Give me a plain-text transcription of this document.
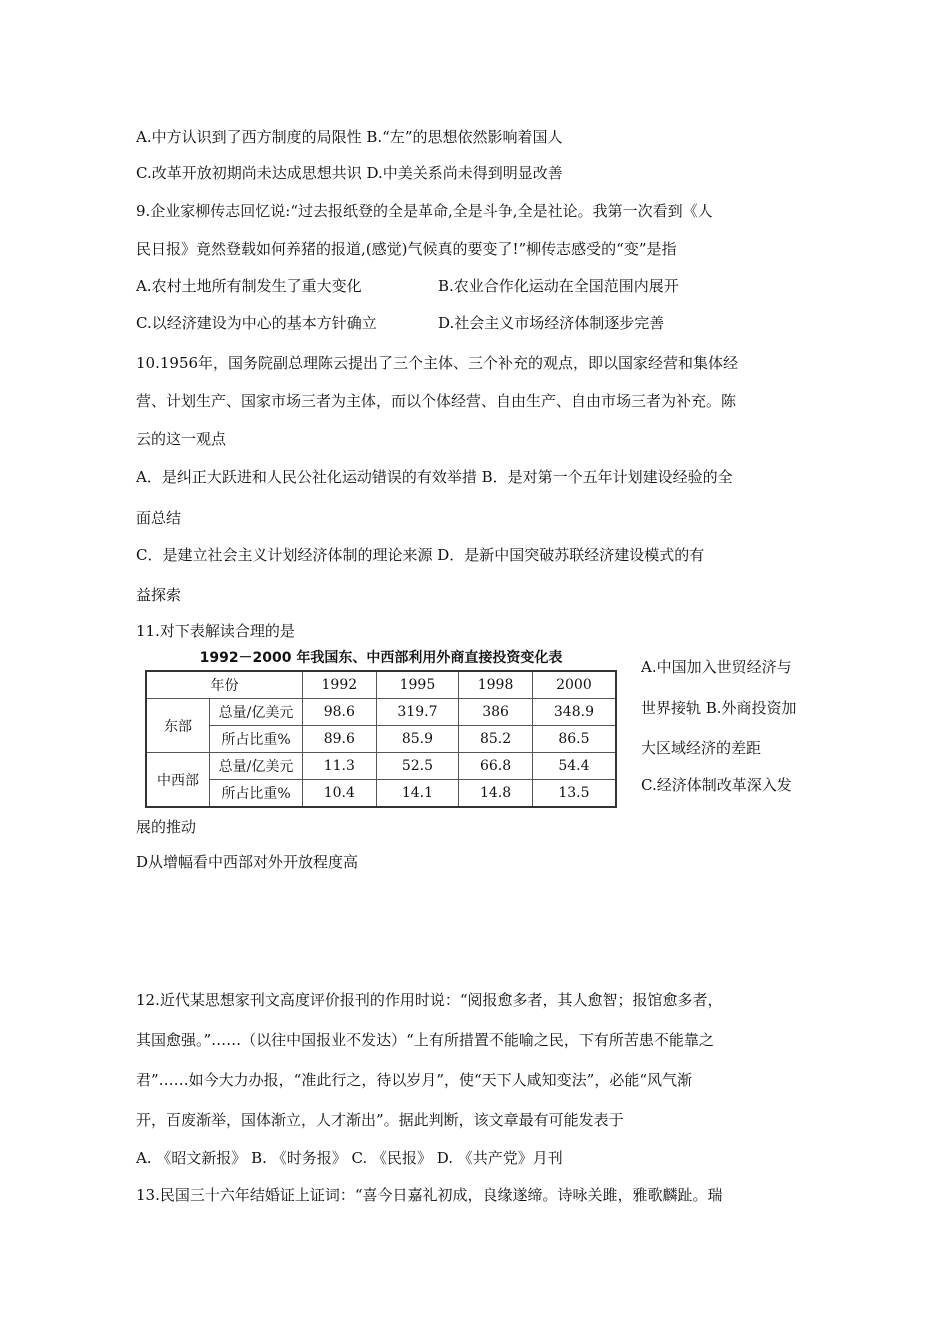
A.中方认识到了西方制度的局限性 B.“左”的思想依然影响着国人
C.改革开放初期尚未达成思想共识 D.中美关系尚未得到明显改善
9.企业家柳传志回忆说:“过去报纸登的全是革命,全是斗争,全是社论。我第一次看到《人
民日报》竟然登载如何养猪的报道,(感觉)气候真的要变了!”柳传志感受的“变”是指
A.农村土地所有制发生了重大变化	B.农业合作化运动在全国范围内展开
C.以经济建设为中心的基本方针确立	D.社会主义市场经济体制逐步完善
10.1956年，国务院副总理陈云提出了三个主体、三个补充的观点，即以国家经营和集体经
营、计划生产、国家市场三者为主体，而以个体经营、自由生产、自由市场三者为补充。陈
云的这一观点
A．是纠正大跃进和人民公社化运动错误的有效举措 B．是对第一个五年计划建设经验的全
面总结
C．是建立社会主义计划经济体制的理论来源 D．是新中国突破苏联经济建设模式的有
益探索
11.对下表解读合理的是
1992－2000 年我国东、中西部利用外商直接投资变化表
年份		1992	1995	1998	2000
东部	总量/亿美元	98.6	319.7	386	348.9
	所占比重%	89.6	85.9	85.2	86.5
中西部	总量/亿美元	11.3	52.5	66.8	54.4
	所占比重%	10.4	14.1	14.8	13.5
A.中国加入世贸经济与
世界接轨 B.外商投资加
大区域经济的差距
C.经济体制改革深入发
展的推动
D从增幅看中西部对外开放程度高
12.近代某思想家刊文高度评价报刊的作用时说：“阅报愈多者，其人愈智；报馆愈多者，
其国愈强。”……（以往中国报业不发达）“上有所措置不能喻之民，下有所苦患不能靠之
君”……如今大力办报，“准此行之，待以岁月”，使“天下人咸知变法”，必能“风气渐
开，百废渐举，国体渐立，人才渐出”。据此判断，该文章最有可能发表于
A. 《昭文新报》 B. 《时务报》 C. 《民报》 D. 《共产党》月刊
13.民国三十六年结婚证上证词：“喜今日嘉礼初成，良缘遂缔。诗咏关雎，雅歌麟趾。瑞
